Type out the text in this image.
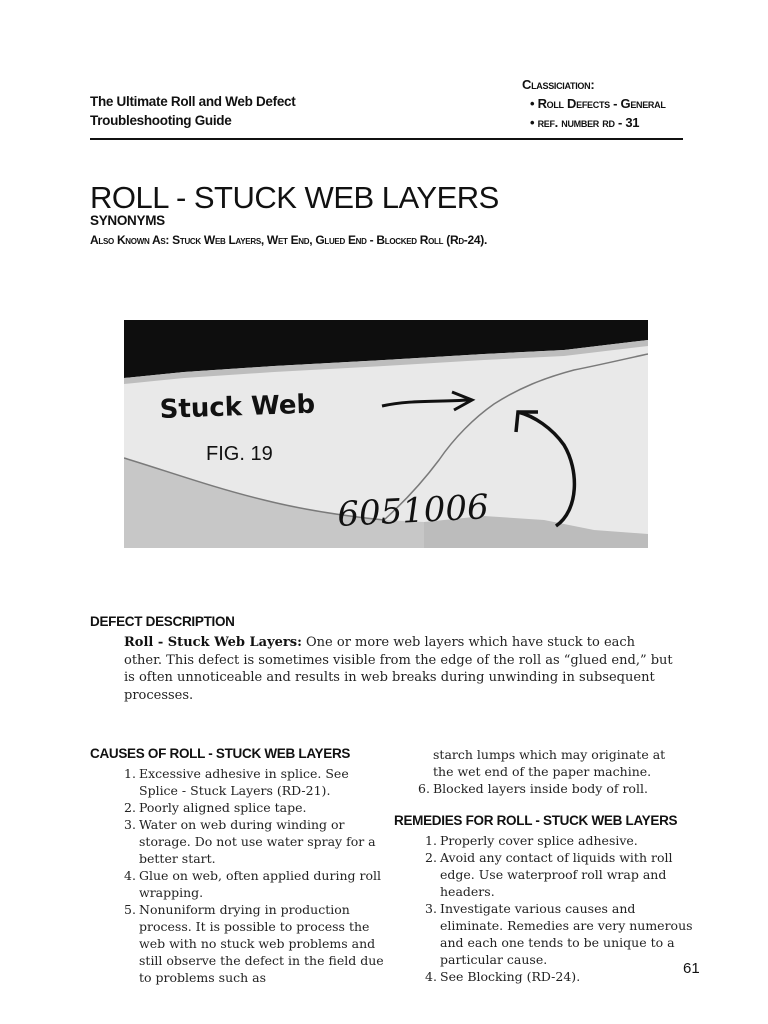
The Ultimate Roll and Web Defect
Troubleshooting Guide
Classiciation:
• Roll Defects - General
• ref. number rd - 31
ROLL - STUCK WEB LAYERS
SYNONYMS
Also Known As: Stuck Web Layers, Wet End, Glued End - Blocked Roll (Rd-24).
Stuck Web
FIG. 19
6051006
DEFECT DESCRIPTION
Roll - Stuck Web Layers: One or more web layers which have stuck to each other. This defect is sometimes visible from the edge of the roll as “glued end,” but is often unnoticeable and results in web breaks during unwinding in subsequent processes.
CAUSES OF ROLL - STUCK WEB LAYERS
1. Excessive adhesive in splice. See Splice - Stuck Layers (RD-21).
2. Poorly aligned splice tape.
3. Water on web during winding or storage. Do not use water spray for a better start.
4. Glue on web, often applied during roll wrapping.
5. Nonuniform drying in production process. It is possible to process the web with no stuck web problems and still observe the defect in the field due to problems such as
starch lumps which may originate at the wet end of the paper machine.
6. Blocked layers inside body of roll.
REMEDIES FOR ROLL - STUCK WEB LAYERS
1. Properly cover splice adhesive.
2. Avoid any contact of liquids with roll edge. Use waterproof roll wrap and headers.
3. Investigate various causes and eliminate. Remedies are very numerous and each one tends to be unique to a particular cause.
4. See Blocking (RD-24).	61
